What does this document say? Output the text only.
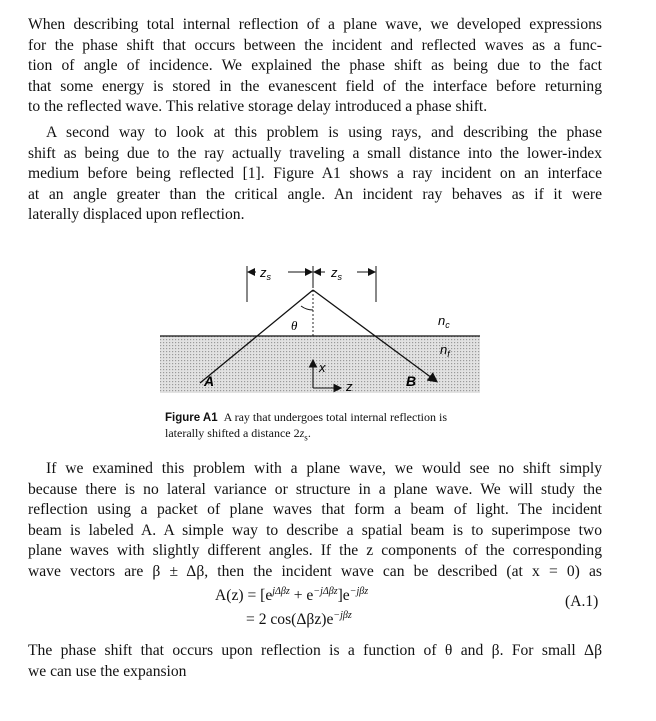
When describing total internal reflection of a plane wave, we developed expressions
for the phase shift that occurs between the incident and reflected waves as a func-
tion of angle of incidence. We explained the phase shift as being due to the fact
that some energy is stored in the evanescent field of the interface before returning
to the reflected wave. This relative storage delay introduced a phase shift.

A second way to look at this problem is using rays, and describing the phase
shift as being due to the ray actually traveling a small distance into the lower-index
medium before being reflected [1]. Figure A1 shows a ray incident on an interface
at an angle greater than the critical angle. An incident ray behaves as if it were
laterally displaced upon reflection.

$z_s$	$z_s$
θ
x
z
A	B
$n_c$
$n_f$
Figure A1 A ray that undergoes total internal reflection is laterally shifted a distance $2z_s$.

If we examined this problem with a plane wave, we would see no shift simply
because there is no lateral variance or structure in a plane wave. We will study the
reflection using a packet of plane waves that form a beam of light. The incident
beam is labeled A. A simple way to describe a spatial beam is to superimpose two
plane waves with slightly different angles. If the z components of the corresponding
wave vectors are β ± Δβ, then the incident wave can be described (at x = 0) as

$A(z) = [e^{j\Delta\beta z} + e^{-j\Delta\beta z}]e^{-j\beta z}$
= 2 $\cos(\Delta\beta z)e^{-j\beta z}$
(A.1)

The phase shift that occurs upon reflection is a function of θ and β. For small Δβ
we can use the expansion
